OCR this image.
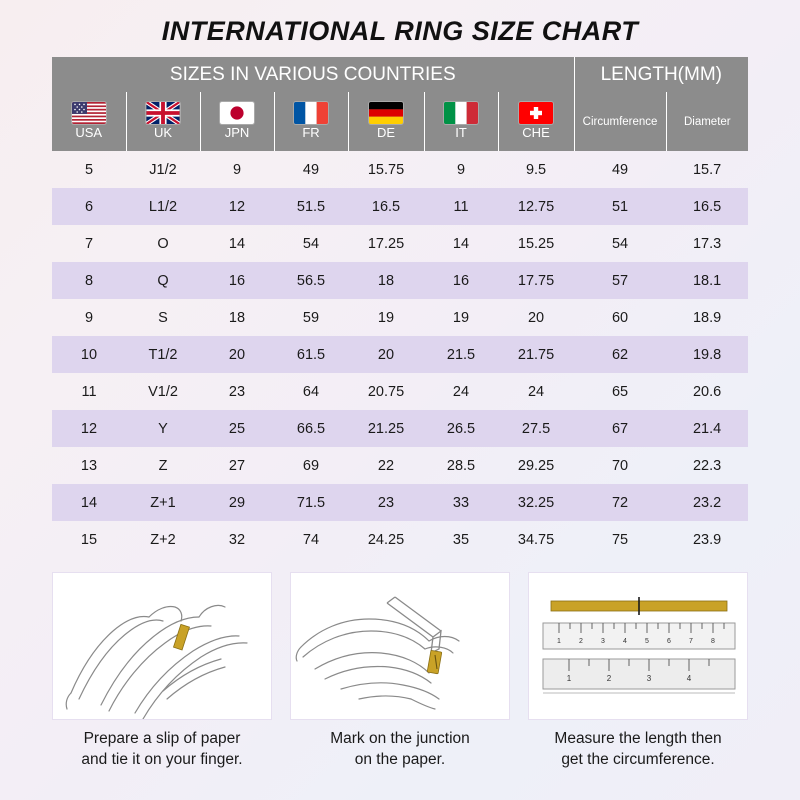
INTERNATIONAL RING SIZE CHART
SIZES IN VARIOUS COUNTRIES							LENGTH(MM)	

USA	UK	JPN	FR	DE	IT	CHE	Circumference	Diameter
5	J1/2	9	49	15.75	9	9.5	49	15.7
6	L1/2	12	51.5	16.5	11	12.75	51	16.5
7	O	14	54	17.25	14	15.25	54	17.3
8	Q	16	56.5	18	16	17.75	57	18.1
9	S	18	59	19	19	20	60	18.9
10	T1/2	20	61.5	20	21.5	21.75	62	19.8
11	V1/2	23	64	20.75	24	24	65	20.6
12	Y	25	66.5	21.25	26.5	27.5	67	21.4
13	Z	27	69	22	28.5	29.25	70	22.3
14	Z+1	29	71.5	23	33	32.25	72	23.2
15	Z+2	32	74	24.25	35	34.75	75	23.9
Prepare a slip of paper
and tie it on your finger.
Mark on the junction
on the paper.
1	2	3	4	5	6	7	8
1	2	3	4
Measure the length then
get the circumference.
